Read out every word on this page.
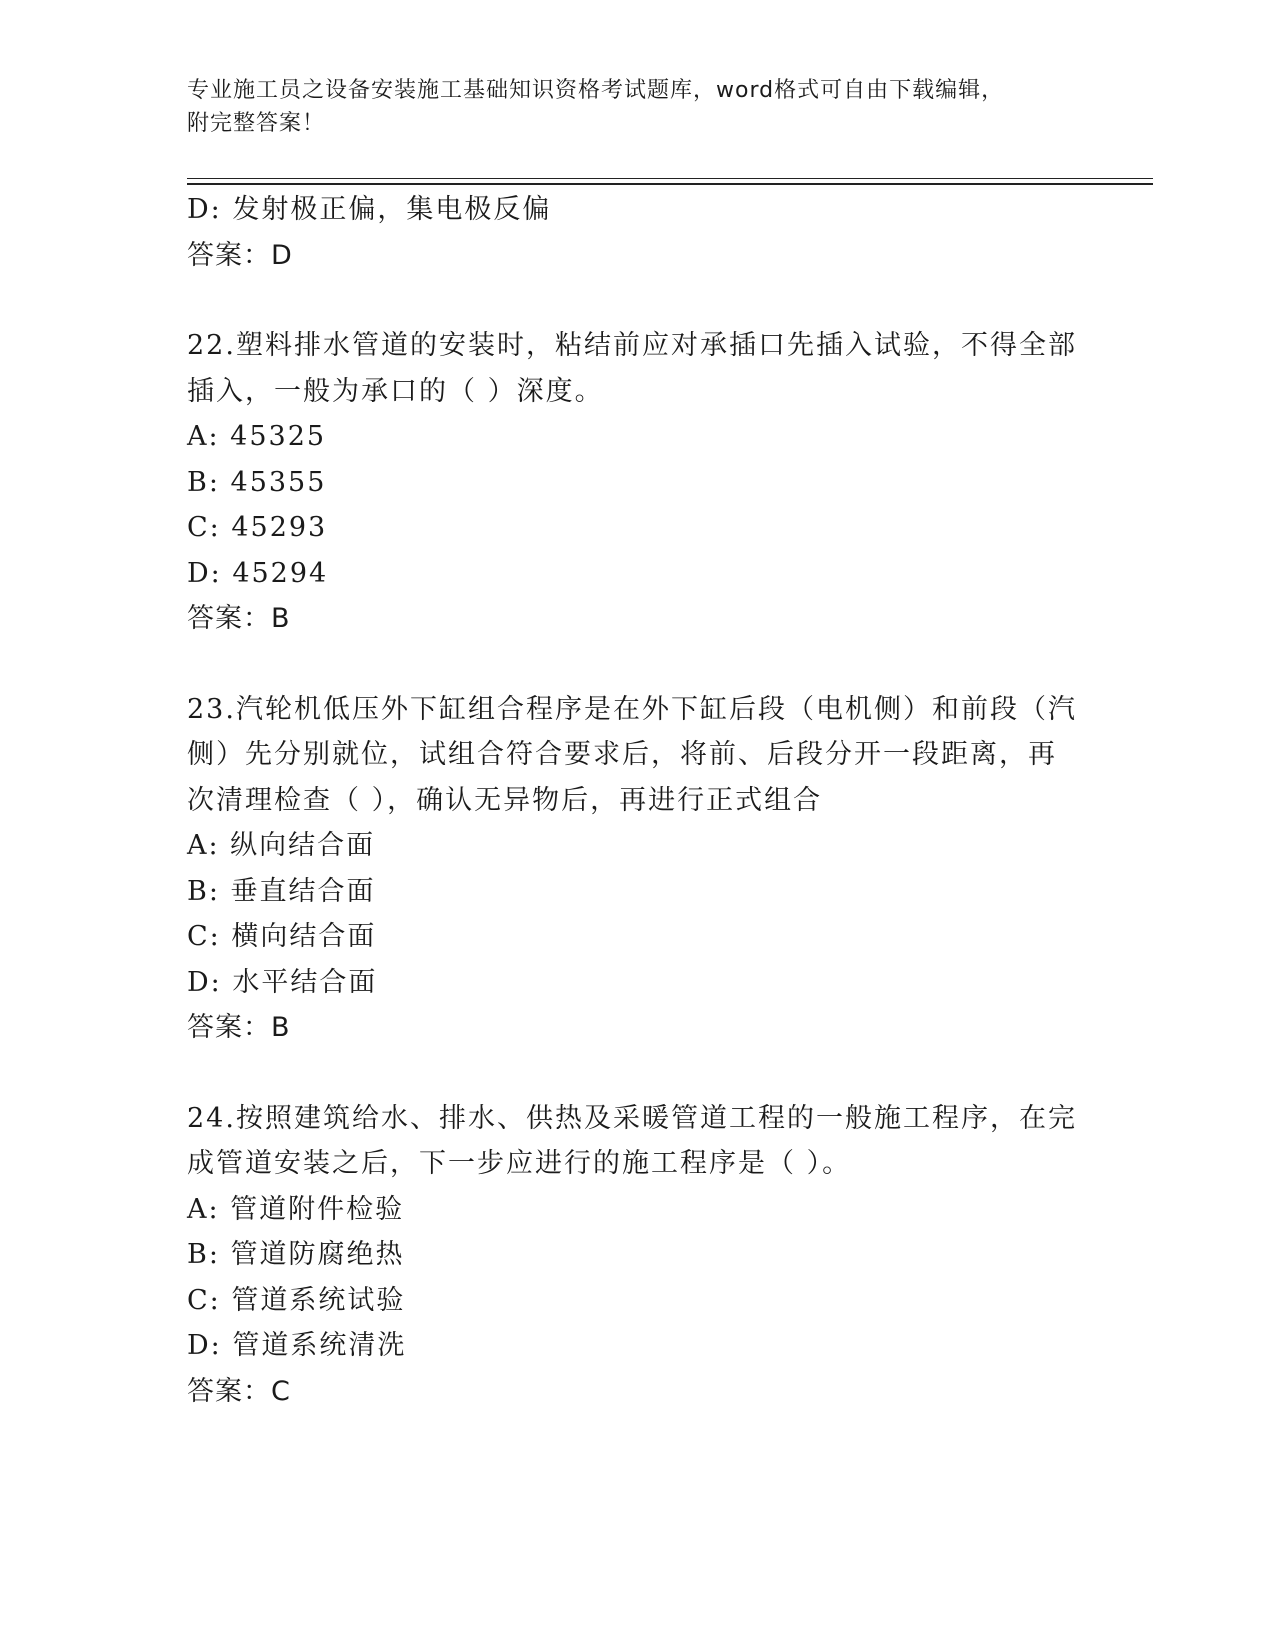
专业施工员之设备安装施工基础知识资格考试题库，word格式可自由下载编辑，
附完整答案！
D: 发射极正偏，集电极反偏
答案：D
22.塑料排水管道的安装时，粘结前应对承插口先插入试验，不得全部
插入，一般为承口的（ ）深度。
A: 45325
B: 45355
C: 45293
D: 45294
答案：B
23.汽轮机低压外下缸组合程序是在外下缸后段（电机侧）和前段（汽
侧）先分别就位，试组合符合要求后，将前、后段分开一段距离，再
次清理检查（ ），确认无异物后，再进行正式组合
A: 纵向结合面
B: 垂直结合面
C: 横向结合面
D: 水平结合面
答案：B
24.按照建筑给水、排水、供热及采暖管道工程的一般施工程序，在完
成管道安装之后，下一步应进行的施工程序是（ ）。
A: 管道附件检验
B: 管道防腐绝热
C: 管道系统试验
D: 管道系统清洗
答案：C
